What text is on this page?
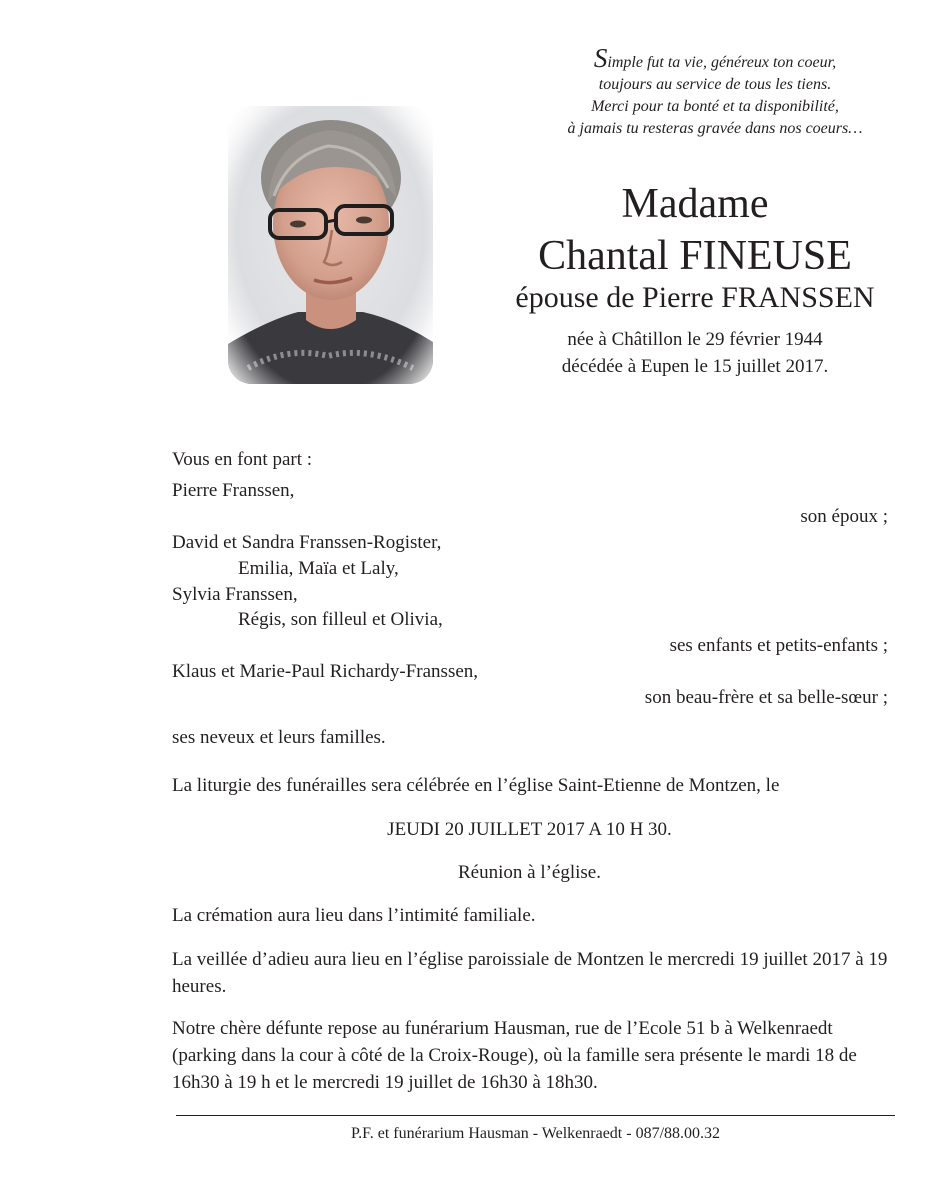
Simple fut ta vie, généreux ton coeur,
toujours au service de tous les tiens.
Merci pour ta bonté et ta disponibilité,
à jamais tu resteras gravée dans nos coeurs…
Madame
Chantal FINEUSE
épouse de Pierre FRANSSEN
née à Châtillon le 29 février 1944
décédée à Eupen le 15 juillet 2017.
Vous en font part :
Pierre Franssen,
son époux ;
David et Sandra Franssen-Rogister,
Emilia, Maïa et Laly,
Sylvia Franssen,
Régis, son filleul et Olivia,
ses enfants et petits-enfants ;
Klaus et Marie-Paul Richardy-Franssen,
son beau-frère et sa belle-sœur ;
ses neveux et leurs familles.
La liturgie des funérailles sera célébrée en l’église Saint-Etienne de Montzen, le
JEUDI 20 JUILLET 2017 A 10 H 30.
Réunion à l’église.
La crémation aura lieu dans l’intimité familiale.
La veillée d’adieu aura lieu en l’église paroissiale de Montzen le mercredi 19 juillet 2017 à 19 heures.
Notre chère défunte repose au funérarium Hausman, rue de l’Ecole 51 b à Welkenraedt (parking dans la cour à côté de la Croix-Rouge), où la famille sera présente le mardi 18 de 16h30 à 19 h et le mercredi 19 juillet de 16h30 à 18h30.
P.F. et funérarium Hausman - Welkenraedt - 087/88.00.32
